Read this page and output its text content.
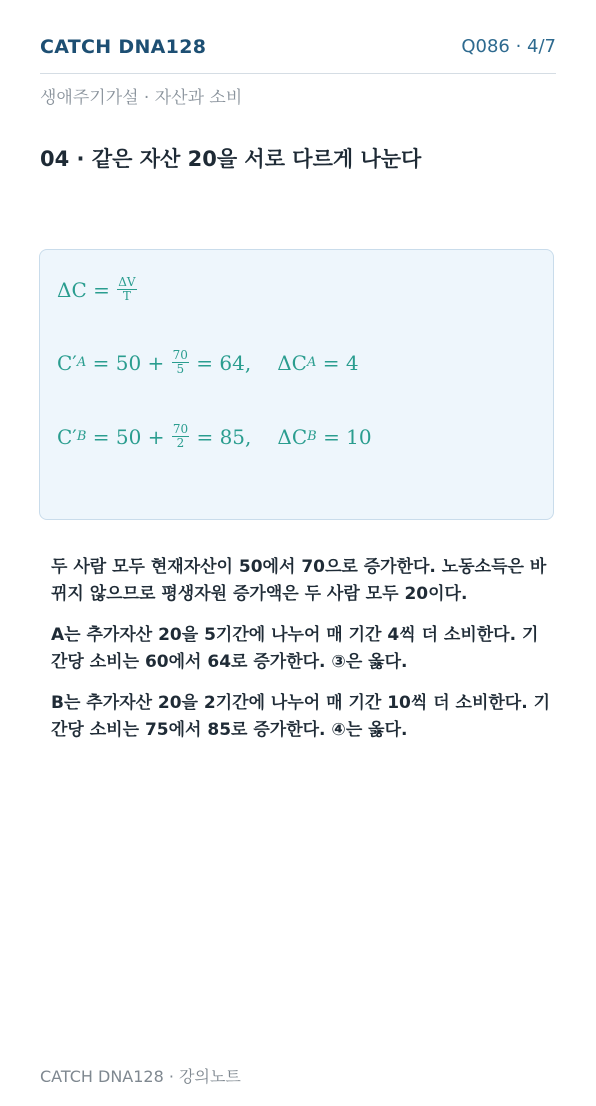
CATCH DNA128	Q086 · 4/7
생애주기가설 · 자산과 소비
04 · 같은 자산 20을 서로 다르게 나눈다
$\Delta C = \frac{\Delta V}{T}$
C′ A = 50 +
$\frac{70}{5}$
= 64, ΔC A
= 4
C′ B = 50 +
$\frac{70}{2}$
= 85, ΔC B
= 10

두 사람 모두 현재자산이 50에서 70으로 증가한다. 노동소득은 바뀌지 않으므로 평생자원 증가액은 두 사람 모두 20이다.

A는 추가자산 20을 5기간에 나누어 매 기간 4씩 더 소비한다. 기간당 소비는 60에서 64로 증가한다. ③은 옳다.

B는 추가자산 20을 2기간에 나누어 매 기간 10씩 더 소비한다. 기간당 소비는 75에서 85로 증가한다. ④는 옳다.

CATCH DNA128 · 강의노트
